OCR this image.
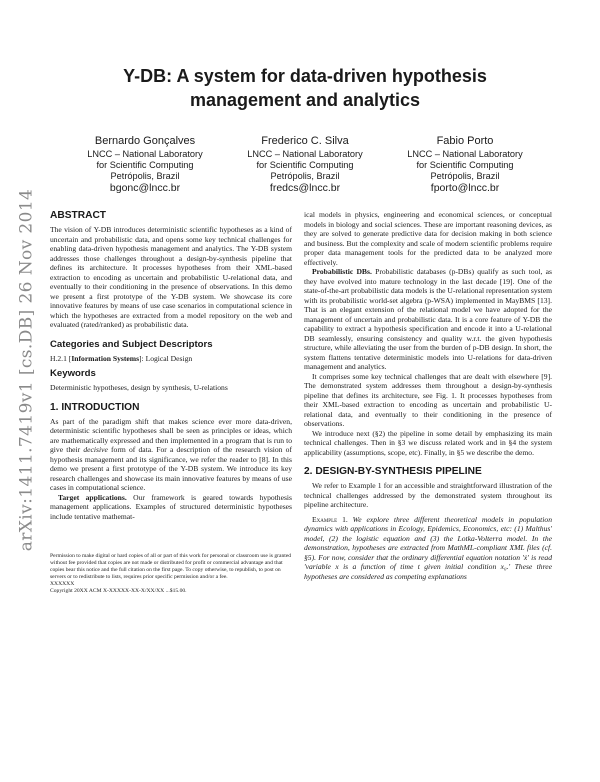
arXiv:1411.7419v1 [cs.DB] 26 Nov 2014
Υ-DB: A system for data-driven hypothesis management and analytics
Bernardo Gonçalves
LNCC – National Laboratory
for Scientific Computing
Petrópolis, Brazil
bgonc@lncc.br
Frederico C. Silva
LNCC – National Laboratory
for Scientific Computing
Petrópolis, Brazil
fredcs@lncc.br
Fabio Porto
LNCC – National Laboratory
for Scientific Computing
Petrópolis, Brazil
fporto@lncc.br
ABSTRACT

The vision of Υ-DB introduces deterministic scientific hypotheses as a kind of uncertain and probabilistic data, and opens some key technical challenges for enabling data-driven hypothesis management and analytics. The Υ-DB system addresses those challenges throughout a design-by-synthesis pipeline that defines its architecture. It processes hypotheses from their XML-based extraction to encoding as uncertain and probabilistic U-relational data, and eventually to their conditioning in the presence of observations. In this demo we present a first prototype of the Υ-DB system. We showcase its core innovative features by means of use case scenarios in computational science in which the hypotheses are extracted from a model repository on the web and evaluated (rated/ranked) as probabilistic data.

Categories and Subject Descriptors

H.2.1 [Information Systems]: Logical Design

Keywords

Deterministic hypotheses, design by synthesis, U-relations

1. INTRODUCTION

As part of the paradigm shift that makes science ever more data-driven, deterministic scientific hypotheses shall be seen as principles or ideas, which are mathematically expressed and then implemented in a program that is run to give their decisive form of data. For a description of the research vision of hypothesis management and its significance, we refer the reader to [8]. In this demo we present a first prototype of the Υ-DB system. We introduce its key research challenges and showcase its main innovative features by means of use cases in computational science.

Target applications. Our framework is geared towards hypothesis management applications. Examples of structured deterministic hypotheses include tentative mathemat-

Permission to make digital or hard copies of all or part of this work for personal or classroom use is granted without fee provided that copies are not made or distributed for profit or commercial advantage and that copies bear this notice and the full citation on the first page. To copy otherwise, to republish, to post on servers or to redistribute to lists, requires prior specific permission and/or a fee.
XXXXXX
Copyright 20XX ACM X-XXXXX-XX-X/XX/XX ...$15.00.

ical models in physics, engineering and economical sciences, or conceptual models in biology and social sciences. These are important reasoning devices, as they are solved to generate predictive data for decision making in both science and business. But the complexity and scale of modern scientific problems require proper data management tools for the predicted data to be analyzed more effectively.

Probabilistic DBs. Probabilistic databases (p-DBs) qualify as such tool, as they have evolved into mature technology in the last decade [19]. One of the state-of-the-art probabilistic data models is the U-relational representation system with its probabilistic world-set algebra (p-WSA) implemented in MayBMS [13]. That is an elegant extension of the relational model we have adopted for the management of uncertain and probabilistic data. It is a core feature of Υ-DB the capability to extract a hypothesis specification and encode it into a U-relational DB seamlessly, ensuring consistency and quality w.r.t. the given hypothesis structure, while alleviating the user from the burden of p-DB design. In short, the system flattens tentative deterministic models into U-relations for data-driven management and analytics.

It comprises some key technical challenges that are dealt with elsewhere [9]. The demonstrated system addresses them throughout a design-by-synthesis pipeline that defines its architecture, see Fig. 1. It processes hypotheses from their XML-based extraction to encoding as uncertain and probabilistic U-relational data, and eventually to their conditioning in the presence of observations.

We introduce next (§2) the pipeline in some detail by emphasizing its main technical challenges. Then in §3 we discuss related work and in §4 the system applicability (assumptions, scope, etc). Finally, in §5 we describe the demo.

2. DESIGN-BY-SYNTHESIS PIPELINE

We refer to Example 1 for an accessible and straightforward illustration of the technical challenges addressed by the demonstrated system throughout its pipeline architecture.

Example 1. We explore three different theoretical models in population dynamics with applications in Ecology, Epidemics, Economics, etc: (1) Malthus' model, (2) the logistic equation and (3) the Lotka-Volterra model. In the demonstration, hypotheses are extracted from MathML-compliant XML files (cf. §5). For now, consider that the ordinary differential equation notation 'ẋ' is read 'variable x is a function of time t given initial condition x₀.' These three hypotheses are considered as competing explanations
